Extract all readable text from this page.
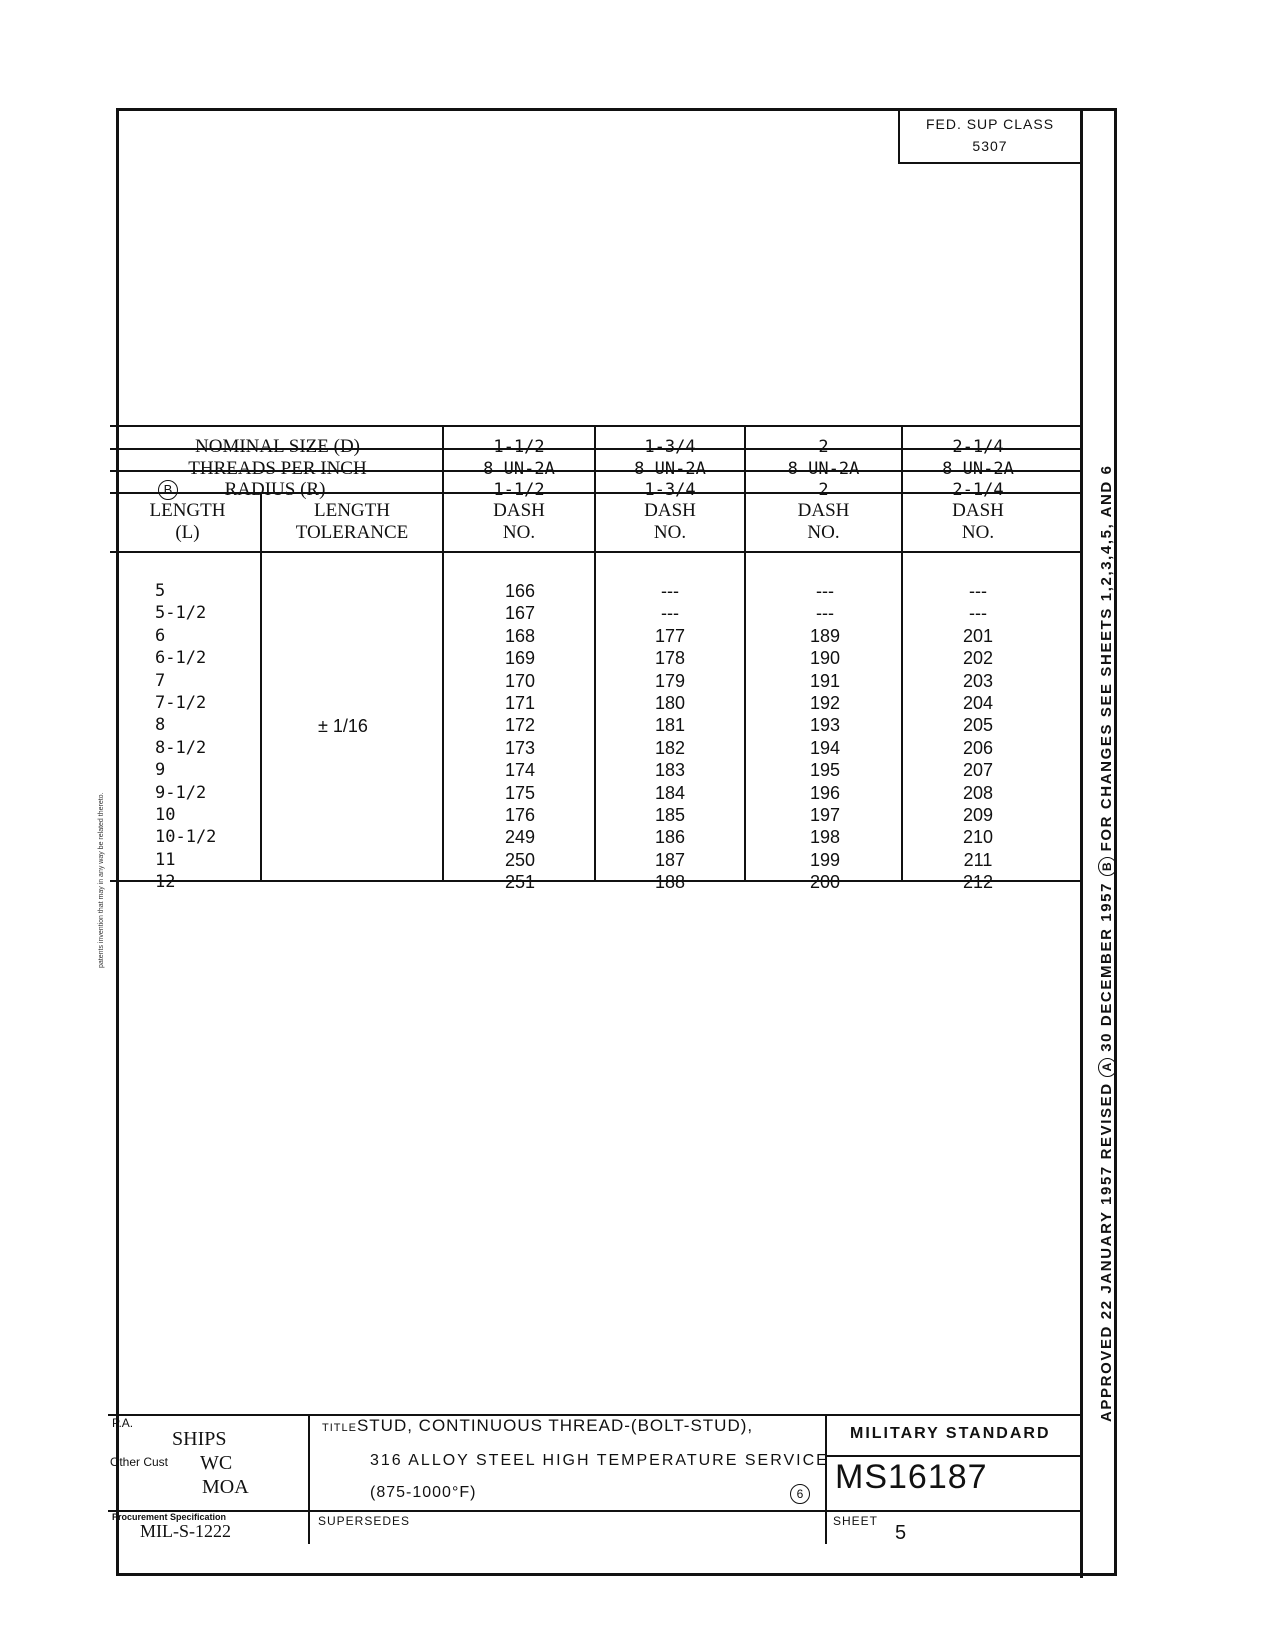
FED. SUP CLASS
5307
APPROVED 22 JANUARY 1957 REVISED A 30 DECEMBER 1957 B FOR CHANGES SEE SHEETS 1,2,3,4,5, AND 6
patents invention that may in any way be related thereto.
NOMINAL SIZE (D)
THREADS PER INCH
B	RADIUS (R)
LENGTH
(L)
LENGTH
TOLERANCE
1-1/2
8 UN-2A
1-1/2
DASH
NO.
1-3/4
8 UN-2A
1-3/4
DASH
NO.
2
8 UN-2A
2
DASH
NO.
2-1/4
8 UN-2A
2-1/4
DASH
NO.
5
5-1/2
6
6-1/2
7
7-1/2
8
8-1/2
9
9-1/2
10
10-1/2
11
12
± 1/16
166
167
168
169
170
171
172
173
174
175
176
249
250
251
---
---
177
178
179
180
181
182
183
184
185
186
187
188
---
---
189
190
191
192
193
194
195
196
197
198
199
200
---
---
201
202
203
204
205
206
207
208
209
210
211
212
P.A.
SHIPS
Other Cust WC
MOA
Procurement Specification
MIL-S-1222
TITLESTUD, CONTINUOUS THREAD-(BOLT-STUD),
316 ALLOY STEEL HIGH TEMPERATURE SERVICE
(875-1000°F)	6
SUPERSEDES
MILITARY STANDARD
MS16187
SHEET
5
